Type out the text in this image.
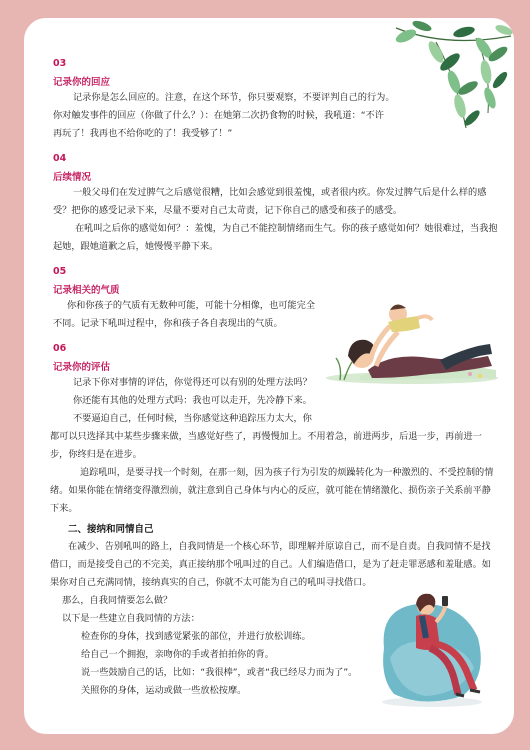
03
记录你的回应
记录你是怎么回应的。注意，在这个环节，你只要观察，不要评判自己的行为。
你对触发事件的回应（你做了什么？）：在她第二次扔食物的时候，我吼道：“不许
再玩了！我再也不给你吃的了！我受够了！”
04
后续情况
一般父母们在发过脾气之后感觉很糟，比如会感觉到很羞愧，或者很内疚。你发过脾气后是什么样的感
受？把你的感受记录下来，尽量不要对自己太苛责，记下你自己的感受和孩子的感受。
在吼叫之后你的感觉如何？：羞愧，为自己不能控制情绪而生气。你的孩子感觉如何？她很难过，当我抱
起她，跟她道歉之后，她慢慢平静下来。
05
记录相关的气质
你和你孩子的气质有无数种可能，可能十分相像，也可能完全
不同。记录下吼叫过程中，你和孩子各自表现出的气质。
06
记录你的评估
记录下你对事情的评估，你觉得还可以有别的处理方法吗？
你还能有其他的处理方式吗：我也可以走开，先冷静下来。
不要逼迫自己，任何时候，当你感觉这种追踪压力太大，你
都可以只选择其中某些步骤来做，当感觉好些了，再慢慢加上。不用着急，前进两步，后退一步，再前进一
步，你终归是在进步。
追踪吼叫，是要寻找一个时刻，在那一刻，因为孩子行为引发的烦躁转化为一种激烈的、不受控制的情
绪。如果你能在情绪变得激烈前，就注意到自己身体与内心的反应，就可能在情绪激化、损伤亲子关系前平静
下来。
二、接纳和同情自己
在减少、告别吼叫的路上，自我同情是一个核心环节，即理解并原谅自己，而不是自责。自我同情不是找
借口，而是接受自己的不完美，真正接纳那个吼叫过的自己。人们编造借口，是为了赶走罪恶感和羞耻感。如
果你对自己充满同情，接纳真实的自己，你就不太可能为自己的吼叫寻找借口。
那么，自我同情要怎么做？
以下是一些建立自我同情的方法：
检查你的身体，找到感觉紧张的部位，并进行放松训练。
给自己一个拥抱，亲吻你的手或者拍拍你的背。
说一些鼓励自己的话，比如：“我很棒”，或者“我已经尽力而为了”。
关照你的身体，运动或做一些放松按摩。
